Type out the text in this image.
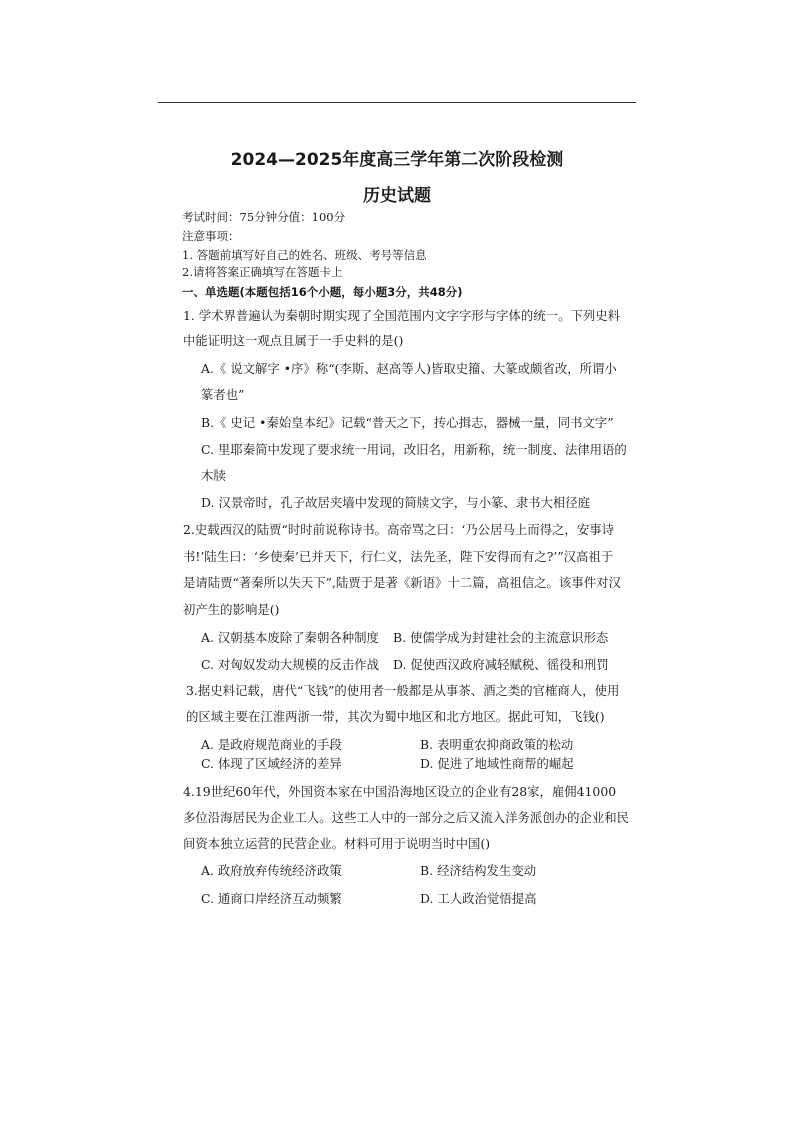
2024—2025年度高三学年第二次阶段检测
历史试题
考试时间：75分钟分值：100分
注意事项：
1. 答题前填写好自己的姓名、班级、考号等信息
2.请将答案正确填写在答题卡上
一、单选题(本题包括16个小题，每小题3分，共48分)
1. 学术界普遍认为秦朝时期实现了全国范围内文字字形与字体的统一。下列史料
中能证明这一观点且属于一手史料的是()
A.《 说文解字 •序》称“(李斯、赵高等人)皆取史籀、大篆或颇省改，所谓小
篆者也”
B.《 史记 •秦始皇本纪》记载“普天之下，抟心揖志，器械一量，同书文字”
C. 里耶秦简中发现了要求统一用词，改旧名，用新称，统一制度、法律用语的
木牍
D. 汉景帝时，孔子故居夹墙中发现的简牍文字，与小篆、隶书大相径庭
2.史载西汉的陆贾“时时前说称诗书。高帝骂之曰：‘乃公居马上而得之，安事诗
书!’陆生曰：‘乡使秦’已并天下，行仁义，法先圣，陛下安得而有之?’”汉高祖于
是请陆贾“著秦所以失天下”,陆贾于是著《新语》十二篇，高祖信之。该事件对汉
初产生的影响是()
A. 汉朝基本废除了秦朝各种制度 B. 使儒学成为封建社会的主流意识形态
C. 对匈奴发动大规模的反击作战 D. 促使西汉政府减轻赋税、徭役和刑罚
3.据史料记载，唐代“飞钱”的使用者一般都是从事茶、酒之类的官榷商人，使用
的区域主要在江淮两浙一带，其次为蜀中地区和北方地区。据此可知，飞钱()
A. 是政府规范商业的手段	B. 表明重农抑商政策的松动
C. 体现了区域经济的差异	D. 促进了地域性商帮的崛起
4.19世纪60年代，外国资本家在中国沿海地区设立的企业有28家，雇佣41000
多位沿海居民为企业工人。这些工人中的一部分之后又流入洋务派创办的企业和民
间资本独立运营的民营企业。材料可用于说明当时中国()
A. 政府放弃传统经济政策	B. 经济结构发生变动
C. 通商口岸经济互动频繁	D. 工人政治觉悟提高
